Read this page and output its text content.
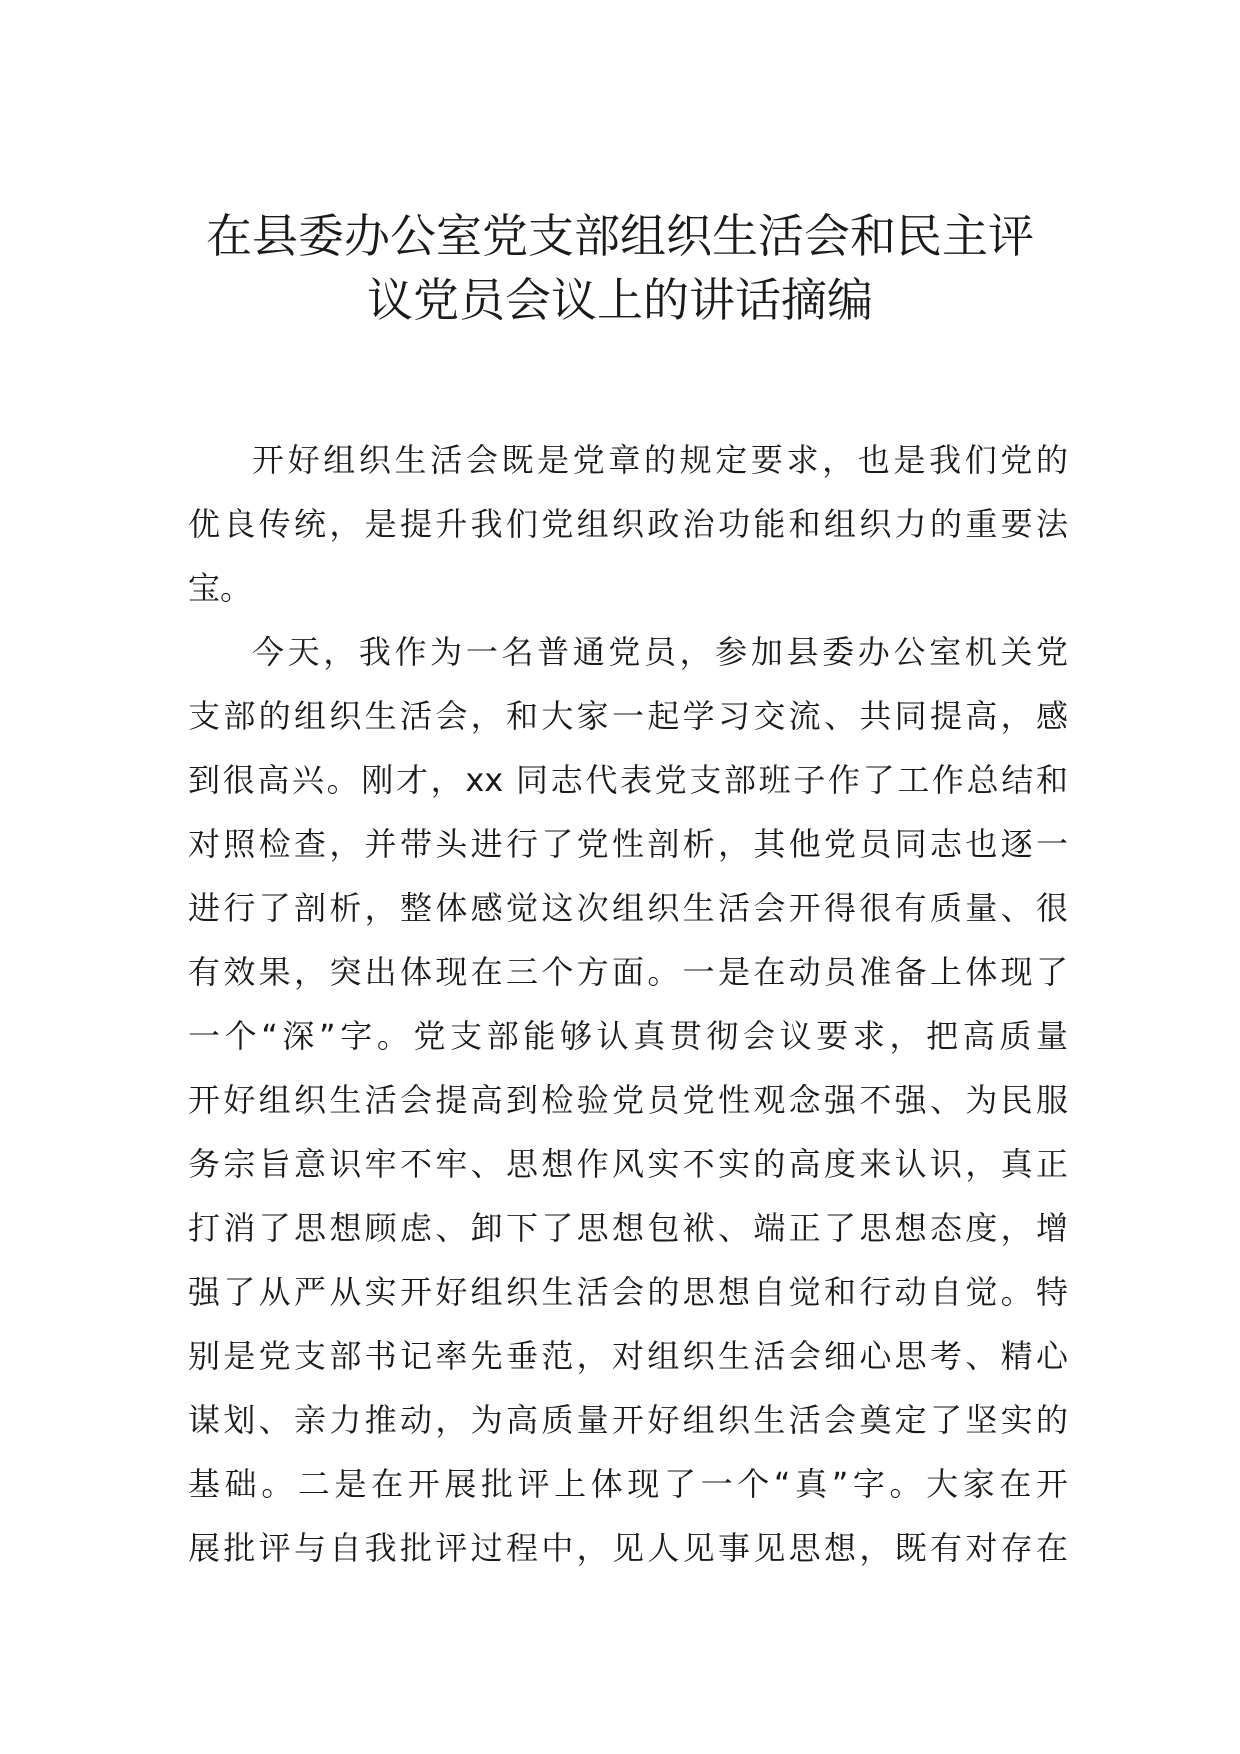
在县委办公室党支部组织生活会和民主评
议党员会议上的讲话摘编
开好组织生活会既是党章的规定要求，也是我们党的
优良传统，是提升我们党组织政治功能和组织力的重要法
宝。
今天，我作为一名普通党员，参加县委办公室机关党
支部的组织生活会，和大家一起学习交流、共同提高，感
到很高兴。刚才，xx 同志代表党支部班子作了工作总结和
对照检查，并带头进行了党性剖析，其他党员同志也逐一
进行了剖析，整体感觉这次组织生活会开得很有质量、很
有效果，突出体现在三个方面。一是在动员准备上体现了
一个“深”字。党支部能够认真贯彻会议要求，把高质量
开好组织生活会提高到检验党员党性观念强不强、为民服
务宗旨意识牢不牢、思想作风实不实的高度来认识，真正
打消了思想顾虑、卸下了思想包袱、端正了思想态度，增
强了从严从实开好组织生活会的思想自觉和行动自觉。特
别是党支部书记率先垂范，对组织生活会细心思考、精心
谋划、亲力推动，为高质量开好组织生活会奠定了坚实的
基础。二是在开展批评上体现了一个“真”字。大家在开
展批评与自我批评过程中，见人见事见思想，既有对存在
